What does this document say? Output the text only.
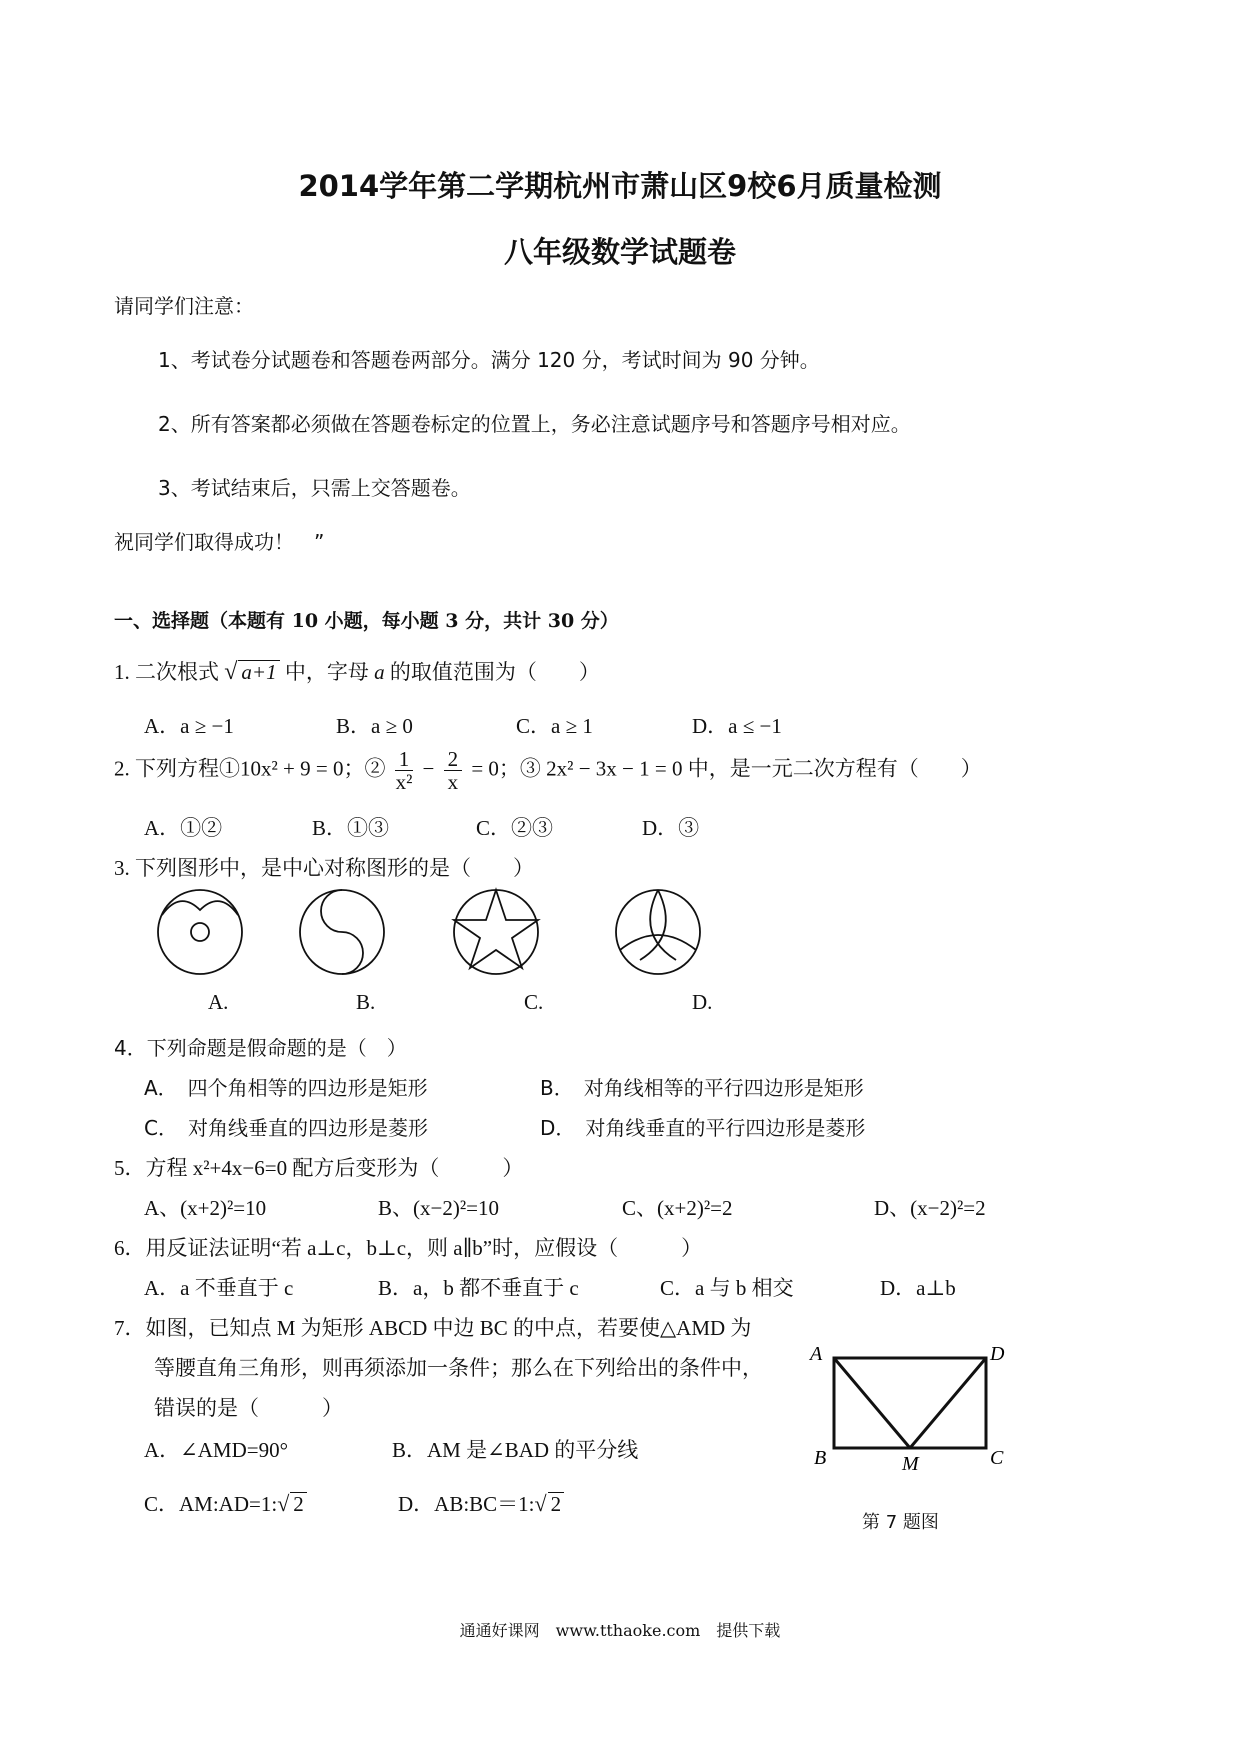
2014学年第二学期杭州市萧山区9校6月质量检测
八年级数学试题卷
请同学们注意：
1、考试卷分试题卷和答题卷两部分。满分 120 分，考试时间为 90 分钟。
2、所有答案都必须做在答题卷标定的位置上，务必注意试题序号和答题序号相对应。
3、考试结束后，只需上交答题卷。
祝同学们取得成功！　”
一、选择题（本题有 10 小题，每小题 3 分，共计 30 分）
1. 二次根式 √ a+1 中，字母 a 的取值范围为（　　）
A．a ≥ −1	B．a ≥ 0	C．a ≥ 1	D．a ≤ −1
2. 下列方程①10x² + 9 = 0；② $\frac{1}{\text{x²}} - \frac{2}{x} = 0$；③ 2x² − 3x − 1 = 0 中，是一元二次方程有（　　）
A．①②	B．①③	C．②③	D．③
3. 下列图形中，是中心对称图形的是（　　）
A.	B.	C.	D.
4．下列命题是假命题的是（　）
A．　四个角相等的四边形是矩形	B．　对角线相等的平行四边形是矩形
C．　对角线垂直的四边形是菱形	D．　对角线垂直的平行四边形是菱形
5．方程 x²+4x−6=0 配方后变形为（　　　）
A、(x+2)²=10	B、(x−2)²=10	C、(x+2)²=2	D、(x−2)²=2
6．用反证法证明“若 a⊥c，b⊥c，则 a∥b”时，应假设（　　　）
A．a 不垂直于 c	B．a，b 都不垂直于 c	C．a 与 b 相交	D．a⊥b
7．如图，已知点 M 为矩形 ABCD 中边 BC 的中点，若要使△AMD 为
等腰直角三角形，则再须添加一条件；那么在下列给出的条件中，
错误的是（　　　）
A．∠AMD=90°	B．AM 是∠BAD 的平分线
C．AM:AD=1:√ 2	D．AB:BC＝1:√ 2
A	D
B	M	C
第 7 题图
通通好课网　www.tthaoke.com　提供下载
